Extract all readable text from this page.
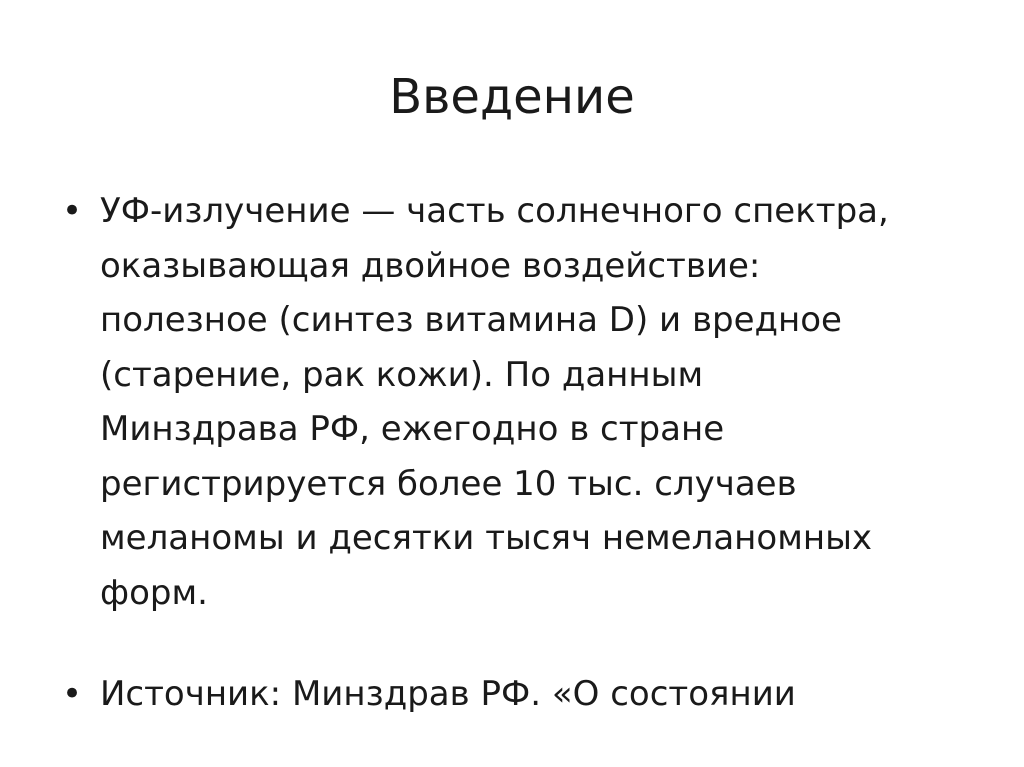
Введение
• УФ-излучение — часть солнечного спектра,
оказывающая двойное воздействие:
полезное (синтез витамина D) и вредное
(старение, рак кожи). По данным
Минздрава РФ, ежегодно в стране
регистрируется более 10 тыс. случаев
меланомы и десятки тысяч немеланомных
форм.
• Источник: Минздрав РФ. «О состоянии
